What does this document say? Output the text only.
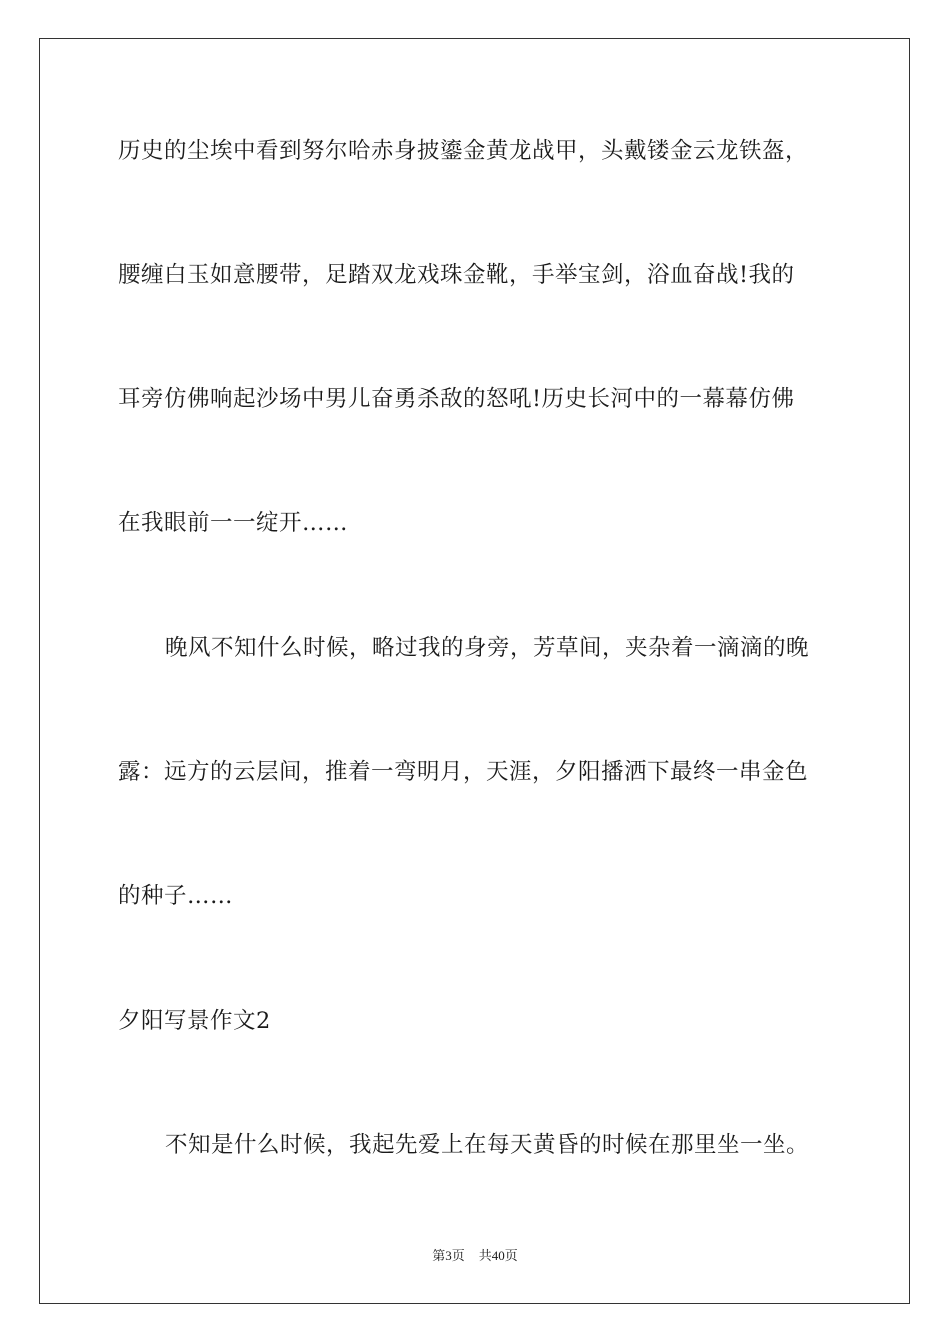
历史的尘埃中看到努尔哈赤身披鎏金黄龙战甲，头戴镂金云龙铁盔，
腰缠白玉如意腰带，足踏双龙戏珠金靴，手举宝剑，浴血奋战!我的
耳旁仿佛响起沙场中男儿奋勇杀敌的怒吼!历史长河中的一幕幕仿佛
在我眼前一一绽开……
晚风不知什么时候，略过我的身旁，芳草间，夹杂着一滴滴的晚
露：远方的云层间，推着一弯明月，天涯，夕阳播洒下最终一串金色
的种子……
夕阳写景作文2
不知是什么时候，我起先爱上在每天黄昏的时候在那里坐一坐。
第3页 共40页
